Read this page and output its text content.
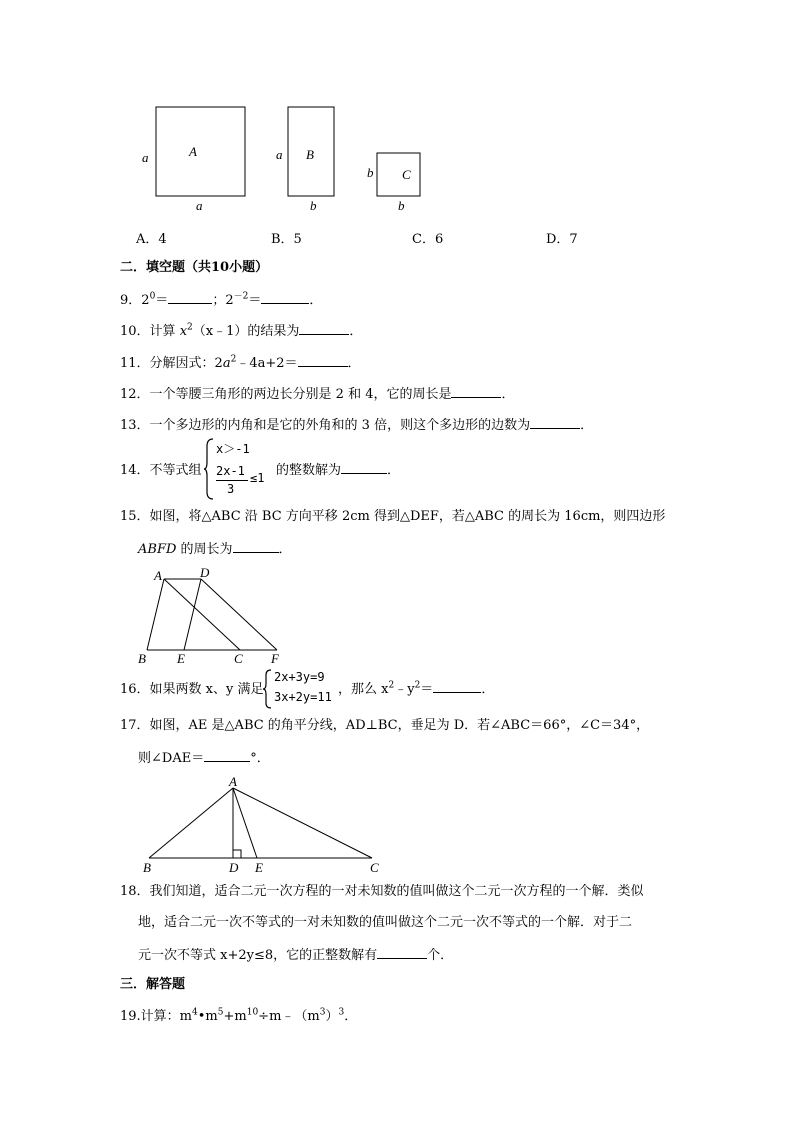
A
a
a
B
a
b
C
b
b
A．4	B．5	C．6	D．7
二．填空题（共10小题）
9．$2^0=$	；$2^{-2}=$	．
10．计算 $x^2(x﹣1)$的结果为	．
11．分解因式：$2a^2﹣4a+2=$	．
12．一个等腰三角形的两边长分别是 2 和 4，它的周长是	．
13．一个多边形的内角和是它的外角和的 3 倍，则这个多边形的边数为	．
14．不等式组
x＞-1
2x-1
3
≤1 的整数解为	．
15．如图，将△ABC 沿 BC 方向平移 2cm 得到△DEF，若△ABC 的周长为 16cm，则四边形
ABFD 的周长为	．
A	D
B E	C F
16．如果两数 x、y 满足
2x+3y=9
3x+2y=11 ，那么 $x^2﹣y^2=$	．
17．如图，AE 是△ABC 的角平分线，AD⊥BC，垂足为 D．若∠ABC＝66°，∠C＝34°，
则∠DAE＝	°．
A
B	D E	C
18．我们知道，适合二元一次方程的一对未知数的值叫做这个二元一次方程的一个解．类似
地，适合二元一次不等式的一对未知数的值叫做这个二元一次不等式的一个解．对于二
元一次不等式 x+2y≤8，它的正整数解有	个．
三．解答题
19.计算：$m^4•m^5+m^{10}\div m﹣(m^3)^3$．
